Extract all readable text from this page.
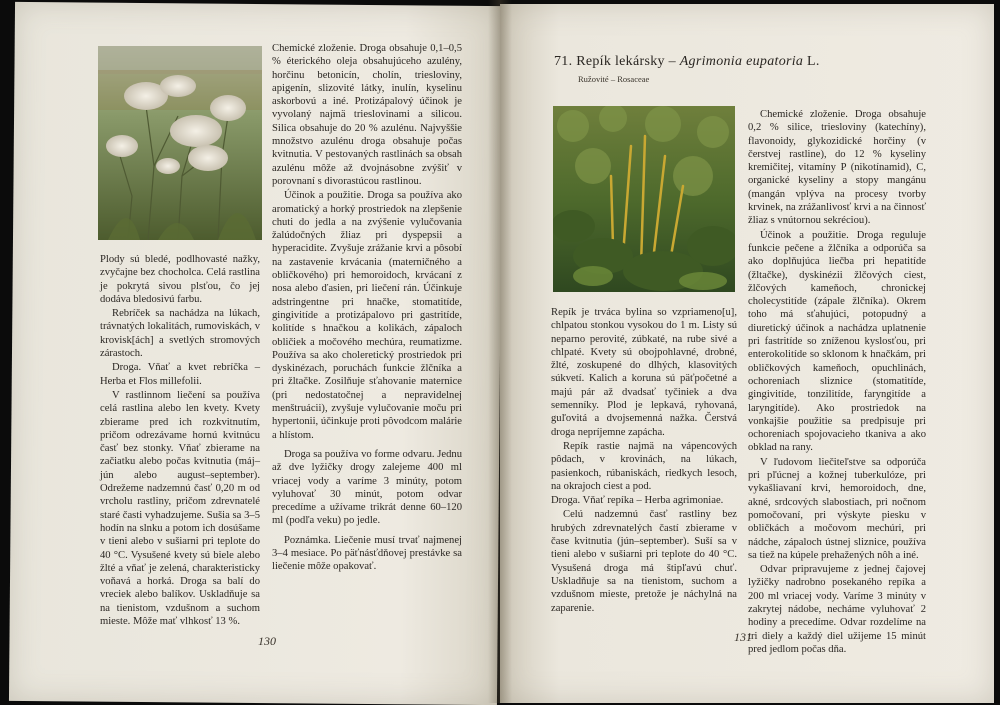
Plody sú bledé, podlhovasté nažky, zvyčajne bez chocholca. Celá rastlina je pokrytá sivou plsťou, čo jej dodáva bledosivú farbu.

Rebríček sa nachádza na lúkach, trávnatých lokalitách, rumoviskách, v krovisk[ách] a svetlých stromových zárastoch.

Droga. Vňať a kvet rebríčka – Herba et Flos millefolii.

V rastlinnom liečení sa používa celá rastlina alebo len kvety. Kvety zbierame pred ich rozkvitnutím, pričom odrezávame hornú kvitnúcu časť bez stonky. Vňať zbierame na začiatku alebo počas kvitnutia (máj–jún alebo august–september). Odrežeme nadzemnú časť 0,20 m od vrcholu rastliny, pričom zdrevnatelé staré časti vyhadzujeme. Sušia sa 3–5 hodín na slnku a potom ich dosúšame v tieni alebo v sušiarni pri teplote do 40 °C. Vysušené kvety sú biele alebo žlté a vňať je zelená, charakteristicky voňavá a horká. Droga sa balí do vreciek alebo balíkov. Uskladňuje sa na tienistom, vzdušnom a suchom mieste. Môže mať vlhkosť 13 %.

Chemické zloženie. Droga obsahuje 0,1–0,5 % éterického oleja obsahujúceho azulény, horčinu betonicín, cholín, triesloviny, apigenín, slizovité látky, inulín, kyselinu askorbovú a iné. Protizápalový účinok je vyvolaný najmä trieslovinami a silicou. Silica obsahuje do 20 % azulénu. Najvyššie množstvo azulénu droga obsahuje počas kvitnutia. V pestovaných rastlinách sa obsah azulénu môže až dvojnásobne zvýšiť v porovnaní s divorastúcou rastlinou.

Účinok a použitie. Droga sa používa ako aromatický a horký prostriedok na zlepšenie chuti do jedla a na zvýšenie vylučovania žalúdočných žliaz pri dyspepsii a hyperacidite. Zvyšuje zrážanie krvi a pôsobí na zastavenie krvácania (materničného a obličkového) pri hemoroidoch, krvácaní z nosa alebo ďasien, pri liečení rán. Účinkuje adstringentne pri hnačke, stomatitíde, gingivitíde a protizápalovo pri gastritíde, kolitíde s hnačkou a kolikách, zápaloch obličiek a močového mechúra, reumatizme. Používa sa ako choleretický prostriedok pri dyskinézach, poruchách funkcie žlčníka a pri žltačke. Zosilňuje sťahovanie maternice (pri nedostatočnej a nepravidelnej menštruácii), zvyšuje vylučovanie moču pri hypertonii, účinkuje proti pôvodcom malárie a hlístom.

Droga sa používa vo forme odvaru. Jednu až dve lyžičky drogy zalejeme 400 ml vriacej vody a varíme 3 minúty, potom vyluhovať 30 minút, potom odvar precedíme a užívame trikrát denne 60–120 ml (podľa veku) po jedle.

Poznámka. Liečenie musí trvať najmenej 3–4 mesiace. Po päťnásťdňovej prestávke sa liečenie môže opakovať.

130
71. Repík lekársky – Agrimonia eupatoria L.
Ružovité – Rosaceae

Repík je trváca bylina so vzpriameno[u], chlpatou stonkou vysokou do 1 m. Listy sú neparno perovité, zúbkaté, na rube sivé a chlpaté. Kvety sú obojpohlavné, drobné, žlté, zoskupené do dlhých, klasovitých súkvetí. Kalich a koruna sú päťpočetné a majú pár až dvadsať tyčiniek a dva semenníky. Plod je lepkavá, ryhovaná, guľovitá a dvojsemenná nažka. Čerstvá droga nepríjemne zapácha.

Repík rastie najmä na vápencových pôdach, v krovinách, na lúkach, pasienkoch, rúbaniskách, riedkych lesoch, na okrajoch ciest a pod.

Droga. Vňať repíka – Herba agrimoniae.

Celú nadzemnú časť rastliny bez hrubých zdrevnatelých častí zbierame v čase kvitnutia (jún–september). Suší sa v tieni alebo v sušiarni pri teplote do 40 °C. Vysušená droga má štipľavú chuť. Uskladňuje sa na tienistom, suchom a vzdušnom mieste, pretože je náchylná na zaparenie.

Chemické zloženie. Droga obsahuje 0,2 % silice, triesloviny (katechíny), flavonoidy, glykozidické horčiny (v čerstvej rastline), do 12 % kyseliny kremičitej, vitamíny P (nikotínamid), C, organické kyseliny a stopy mangánu (mangán vplýva na procesy tvorby krvinek, na zrážanlivosť krvi a na činnosť žliaz s vnútornou sekréciou).

Účinok a použitie. Droga reguluje funkcie pečene a žlčníka a odporúča sa ako doplňujúca liečba pri hepatitíde (žltačke), dyskinézii žlčových ciest, žlčových kameňoch, chronickej cholecystitíde (zápale žlčníka). Okrem toho má sťahujúci, potopudný a diuretický účinok a nachádza uplatnenie pri fastritíde so zníženou kyslosťou, pri enterokolitíde so sklonom k hnačkám, pri obličkových kameňoch, opuchlinách, ochoreniach sliznice (stomatitíde, gingivitíde, tonzilitíde, faryngitíde a laryngitíde). Ako prostriedok na vonkajšie použitie sa predpisuje pri ochoreniach spojovacieho tkaniva a ako obklad na rany.

V ľudovom liečiteľstve sa odporúča pri pľúcnej a kožnej tuberkulóze, pri vykašliavaní krvi, hemoroidoch, dne, akné, srdcových slabostiach, pri nočnom pomočovaní, pri výskyte piesku v obličkách a močovom mechúri, pri nádche, zápaloch ústnej sliznice, používa sa tiež na kúpele prehažených nôh a iné.

Odvar pripravujeme z jednej čajovej lyžičky nadrobno posekaného repíka a 200 ml vriacej vody. Varíme 3 minúty v zakrytej nádobe, necháme vyluhovať 2 hodiny a precedíme. Odvar rozdelíme na tri diely a každý diel užijeme 15 minút pred jedlom počas dňa.

131
